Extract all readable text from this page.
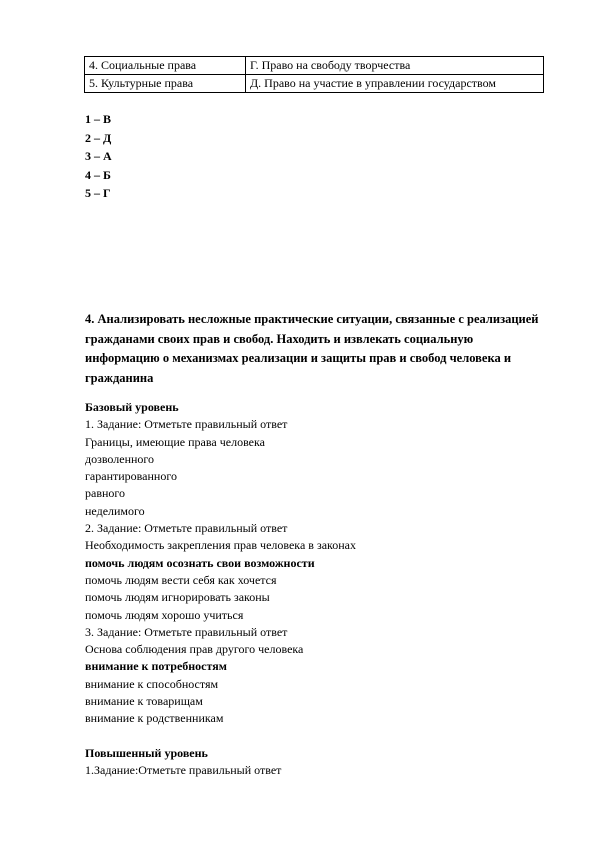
4. Социальные права	Г. Право на свободу творчества
5. Культурные права	Д. Право на участие в управлении государством
1 – В
2 – Д
3 – А
4 – Б
5 – Г
4. Анализировать несложные практические ситуации, связанные с реализацией гражданами своих прав и свобод. Находить и извлекать социальную информацию о механизмах реализации и защиты прав и свобод человека и гражданина
Базовый уровень
1. Задание: Отметьте правильный ответ
Границы, имеющие права человека
дозволенного
гарантированного
равного
неделимого
2. Задание: Отметьте правильный ответ
Необходимость закрепления прав человека в законах
помочь людям осознать свои возможности
помочь людям вести себя как хочется
помочь людям игнорировать законы
помочь людям хорошо учиться
3. Задание: Отметьте правильный ответ
Основа соблюдения прав другого человека
внимание к потребностям
внимание к способностям
внимание к товарищам
внимание к родственникам
Повышенный уровень
1.Задание:Отметьте правильный ответ
